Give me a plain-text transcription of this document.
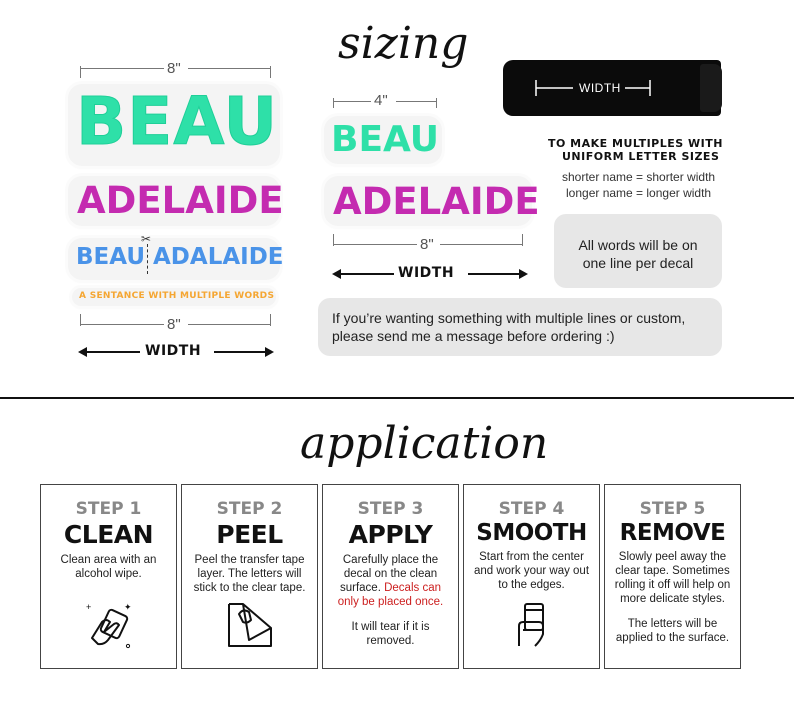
sizing
8"
BEAU
ADELAIDE
BEAU
✂
ADALAIDE
A SENTANCE WITH MULTIPLE WORDS
8"
WIDTH
4"
BEAU
ADELAIDE
8"
WIDTH
WIDTH
TO MAKE MULTIPLES WITH
UNIFORM LETTER SIZES
shorter name = shorter width
longer name = longer width
All words will be on
one line per decal
If you’re wanting something with multiple lines or custom,
please send me a message before ordering :)
application
STEP 1
CLEAN
Clean area with an alcohol wipe.
+	✦
STEP 2
PEEL
Peel the transfer tape layer. The letters will stick to the clear tape.
STEP 3
APPLY
Carefully place the decal on the clean surface. Decals can only be placed once.
It will tear if it is removed.
STEP 4
SMOOTH
Start from the center and work your way out to the edges.
STEP 5
REMOVE
Slowly peel away the clear tape. Sometimes rolling it off will help on more delicate styles.
The letters will be applied to the surface.
